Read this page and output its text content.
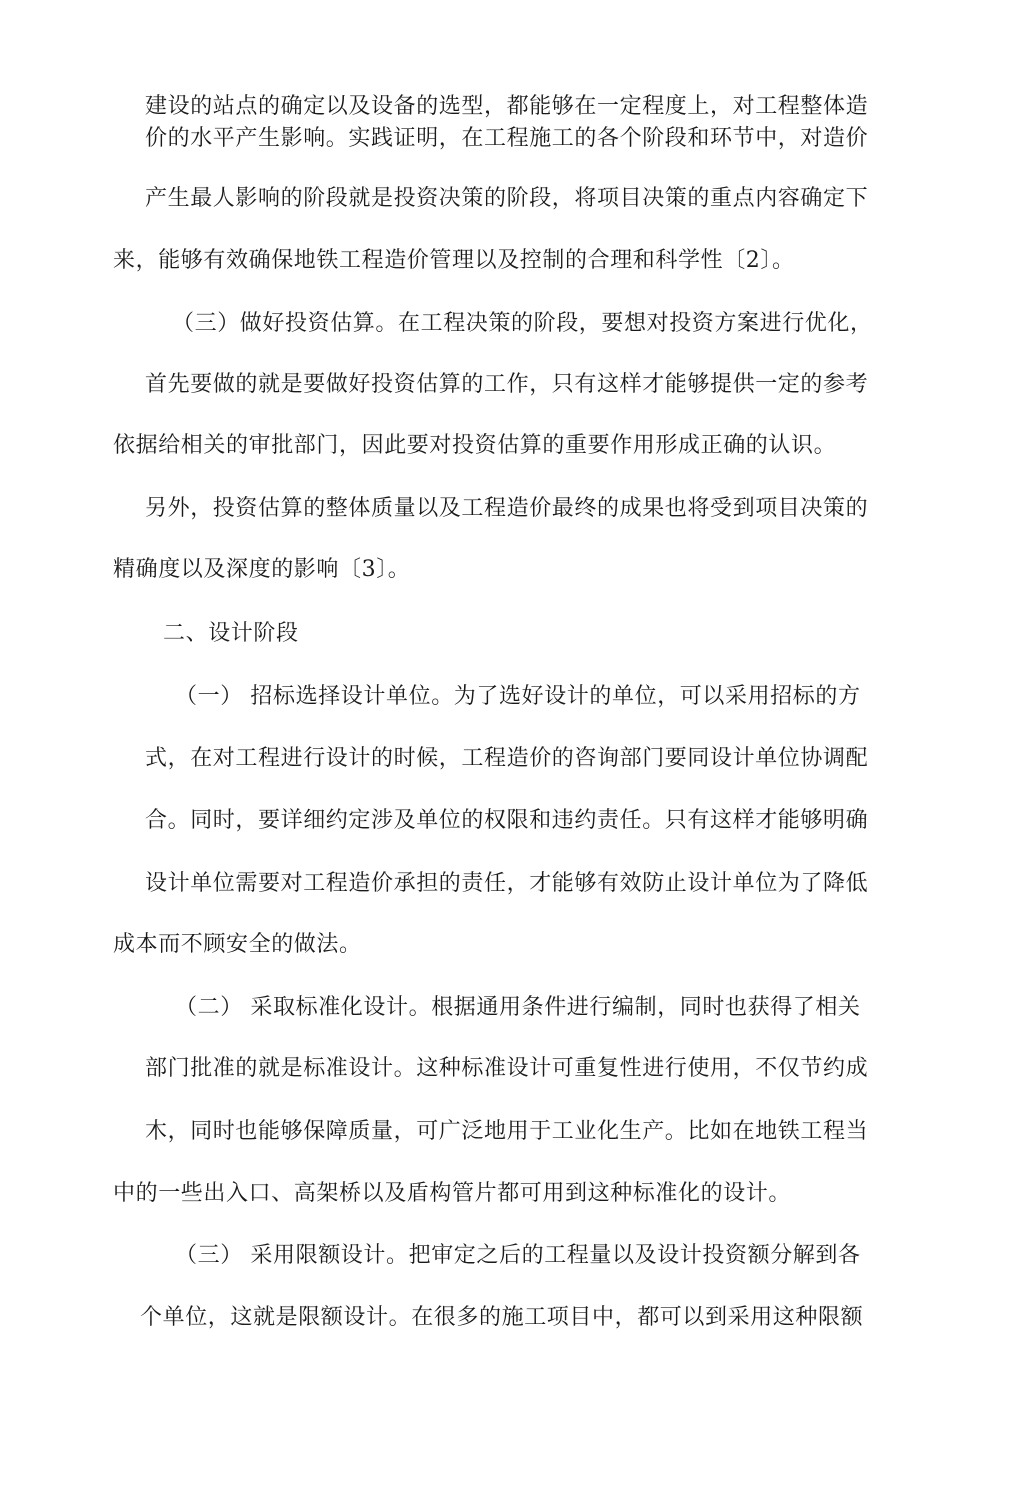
建设的站点的确定以及设备的选型，都能够在一定程度上，对工程整体造
价的水平产生影响。实践证明，在工程施工的各个阶段和环节中，对造价
产生最人影响的阶段就是投资决策的阶段，将项目决策的重点内容确定下
来，能够有效确保地铁工程造价管理以及控制的合理和科学性〔2〕。
（三）做好投资估算。在工程决策的阶段，要想对投资方案进行优化，
首先要做的就是要做好投资估算的工作，只有这样才能够提供一定的参考
依据给相关的审批部门，因此要对投资估算的重要作用形成正确的认识。
另外，投资估算的整体质量以及工程造价最终的成果也将受到项目决策的
精确度以及深度的影响〔3〕。
二、设计阶段
（一） 招标选择设计单位。为了选好设计的单位，可以采用招标的方
式，在对工程进行设计的时候，工程造价的咨询部门要同设计单位协调配
合。同时，要详细约定涉及单位的权限和违约责任。只有这样才能够明确
设计单位需要对工程造价承担的责任，才能够有效防止设计单位为了降低
成本而不顾安全的做法。
（二） 采取标准化设计。根据通用条件进行编制，同时也获得了相关
部门批准的就是标准设计。这种标准设计可重复性进行使用，不仅节约成
木，同时也能够保障质量，可广泛地用于工业化生产。比如在地铁工程当
中的一些出入口、高架桥以及盾构管片都可用到这种标准化的设计。
（三） 采用限额设计。把审定之后的工程量以及设计投资额分解到各
个单位，这就是限额设计。在很多的施工项目中，都可以到采用这种限额
